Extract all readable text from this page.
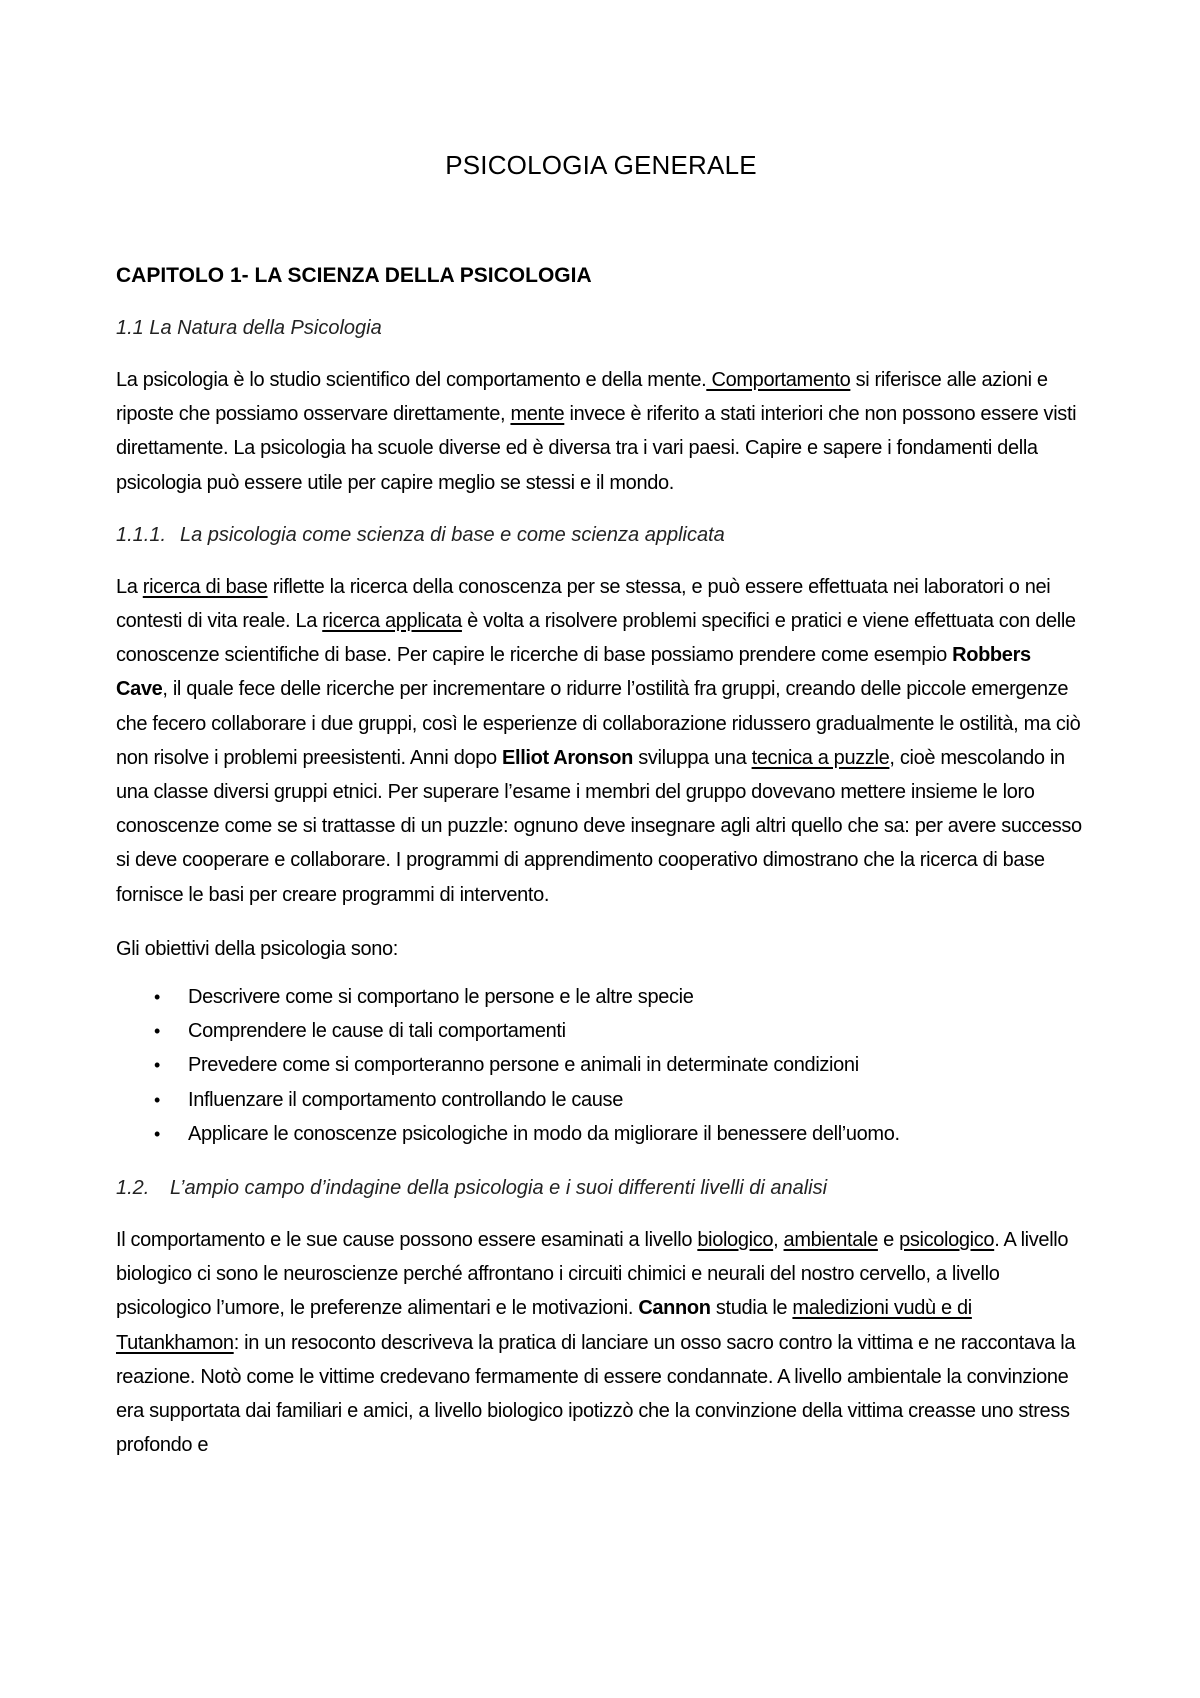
PSICOLOGIA GENERALE
CAPITOLO 1- LA SCIENZA DELLA PSICOLOGIA
1.1 La Natura della Psicologia

La psicologia è lo studio scientifico del comportamento e della mente. Comportamento si riferisce alle azioni e riposte che possiamo osservare direttamente, mente invece è riferito a stati interiori che non possono essere visti direttamente. La psicologia ha scuole diverse ed è diversa tra i vari paesi. Capire e sapere i fondamenti della psicologia può essere utile per capire meglio se stessi e il mondo.

1.1.1. La psicologia come scienza di base e come scienza applicata

La ricerca di base riflette la ricerca della conoscenza per se stessa, e può essere effettuata nei laboratori o nei contesti di vita reale. La ricerca applicata è volta a risolvere problemi specifici e pratici e viene effettuata con delle conoscenze scientifiche di base. Per capire le ricerche di base possiamo prendere come esempio Robbers Cave, il quale fece delle ricerche per incrementare o ridurre l’ostilità fra gruppi, creando delle piccole emergenze che fecero collaborare i due gruppi, così le esperienze di collaborazione ridussero gradualmente le ostilità, ma ciò non risolve i problemi preesistenti. Anni dopo Elliot Aronson sviluppa una tecnica a puzzle, cioè mescolando in una classe diversi gruppi etnici. Per superare l’esame i membri del gruppo dovevano mettere insieme le loro conoscenze come se si trattasse di un puzzle: ognuno deve insegnare agli altri quello che sa: per avere successo si deve cooperare e collaborare. I programmi di apprendimento cooperativo dimostrano che la ricerca di base fornisce le basi per creare programmi di intervento.

Gli obiettivi della psicologia sono:

• Descrivere come si comportano le persone e le altre specie
• Comprendere le cause di tali comportamenti
• Prevedere come si comporteranno persone e animali in determinate condizioni
• Influenzare il comportamento controllando le cause
• Applicare le conoscenze psicologiche in modo da migliorare il benessere dell’uomo.
1.2. L’ampio campo d’indagine della psicologia e i suoi differenti livelli di analisi

Il comportamento e le sue cause possono essere esaminati a livello biologico, ambientale e psicologico. A livello biologico ci sono le neuroscienze perché affrontano i circuiti chimici e neurali del nostro cervello, a livello psicologico l’umore, le preferenze alimentari e le motivazioni. Cannon studia le maledizioni vudù e di Tutankhamon: in un resoconto descriveva la pratica di lanciare un osso sacro contro la vittima e ne raccontava la reazione. Notò come le vittime credevano fermamente di essere condannate. A livello ambientale la convinzione era supportata dai familiari e amici, a livello biologico ipotizzò che la convinzione della vittima creasse uno stress profondo e
